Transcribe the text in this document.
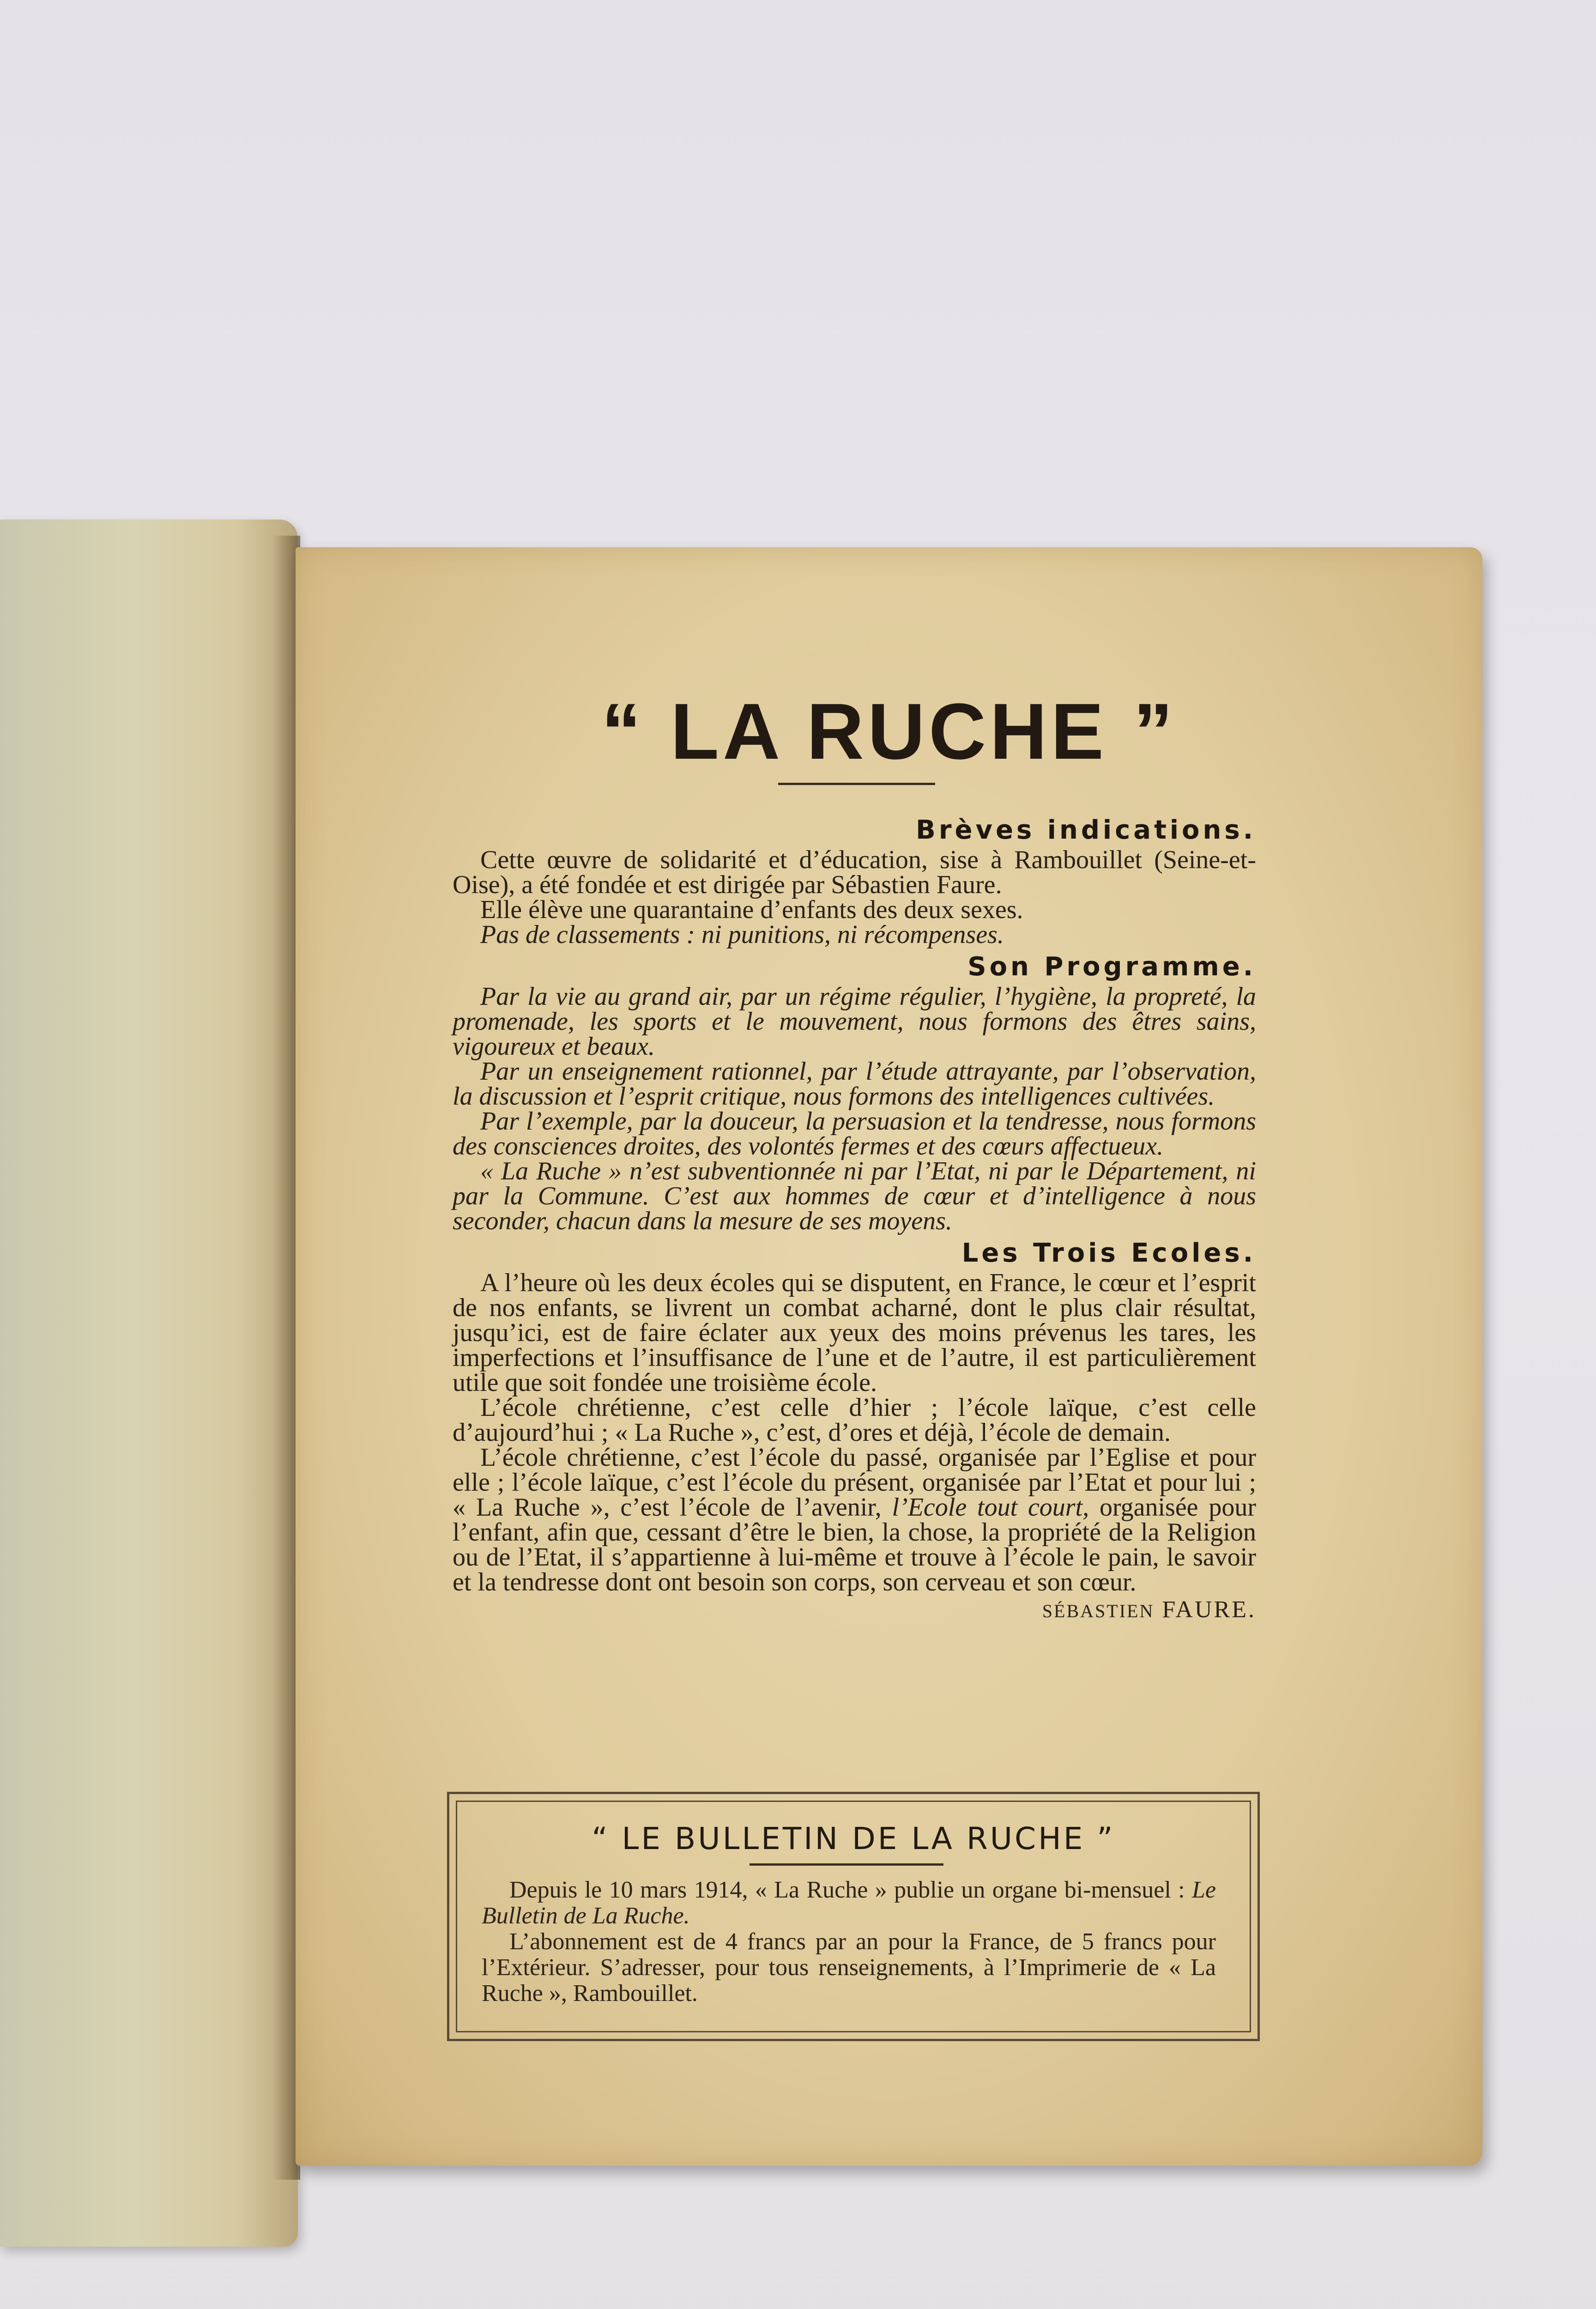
“ LA RUCHE ”
Brèves indications.

Cette œuvre de solidarité et d’éducation, sise à Rambouillet (Seine-et-Oise), a été fondée et est dirigée par Sébastien Faure.

Elle élève une quarantaine d’enfants des deux sexes.

Pas de classements : ni punitions, ni récompenses.

Son Programme.

Par la vie au grand air, par un régime régulier, l’hygiène, la propreté, la promenade, les sports et le mouvement, nous formons des êtres sains, vigoureux et beaux.

Par un enseignement rationnel, par l’étude attrayante, par l’observation, la discussion et l’esprit critique, nous formons des intelligences cultivées.

Par l’exemple, par la douceur, la persuasion et la tendresse, nous formons des consciences droites, des volontés fermes et des cœurs affectueux.

« La Ruche » n’est subventionnée ni par l’Etat, ni par le Département, ni par la Commune. C’est aux hommes de cœur et d’intelligence à nous seconder, chacun dans la mesure de ses moyens.

Les Trois Ecoles.

A l’heure où les deux écoles qui se disputent, en France, le cœur et l’esprit de nos enfants, se livrent un combat acharné, dont le plus clair résultat, jusqu’ici, est de faire éclater aux yeux des moins prévenus les tares, les imperfections et l’insuffisance de l’une et de l’autre, il est particulièrement utile que soit fondée une troisième école.

L’école chrétienne, c’est celle d’hier ; l’école laïque, c’est celle d’aujourd’hui ; « La Ruche », c’est, d’ores et déjà, l’école de demain.

L’école chrétienne, c’est l’école du passé, organisée par l’Eglise et pour elle ; l’école laïque, c’est l’école du présent, organisée par l’Etat et pour lui ; « La Ruche », c’est l’école de l’avenir, l’Ecole tout court, organisée pour l’enfant, afin que, cessant d’être le bien, la chose, la propriété de la Religion ou de l’Etat, il s’appartienne à lui-même et trouve à l’école le pain, le savoir et la tendresse dont ont besoin son corps, son cerveau et son cœur.

SÉBASTIEN FAURE.
“ LE BULLETIN DE LA RUCHE ”

Depuis le 10 mars 1914, « La Ruche » publie un organe bi-mensuel : Le Bulletin de La Ruche.

L’abonnement est de 4 francs par an pour la France, de 5 francs pour l’Extérieur. S’adresser, pour tous renseignements, à l’Imprimerie de « La Ruche », Rambouillet.
